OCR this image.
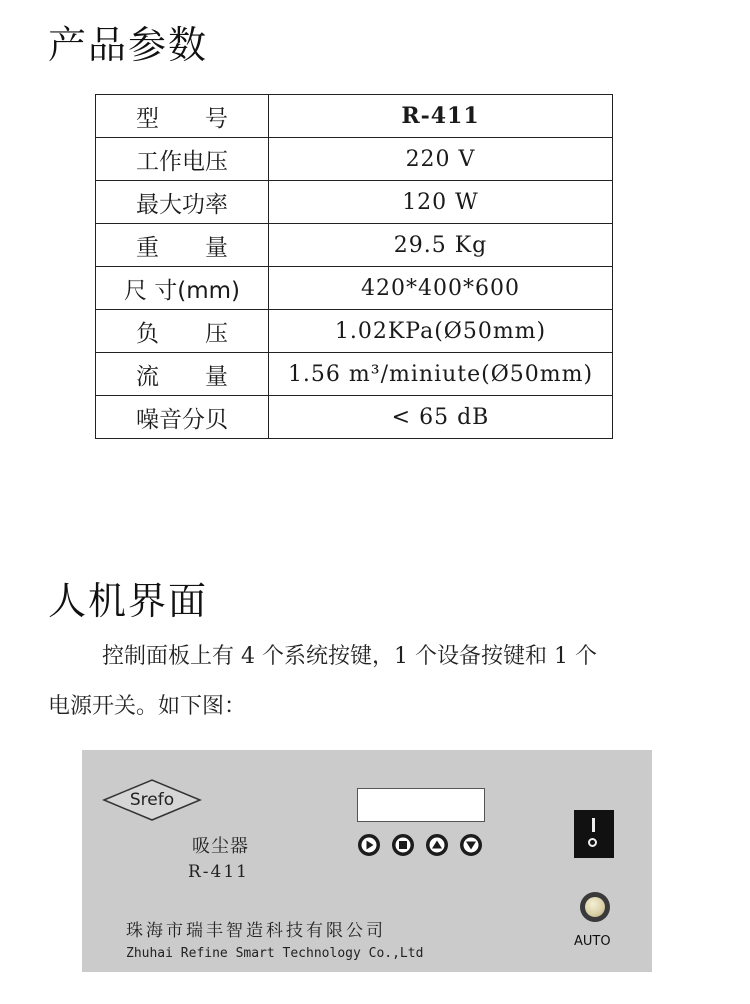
产品参数
型　　号	R-411
工作电压	220 V
最大功率	120 W
重　　量	29.5 Kg
尺 寸(mm)	420*400*600
负　　压	1.02KPa(Ø50mm)
流　　量	1.56 m³/miniute(Ø50mm)
噪音分贝	< 65 dB
人机界面
控制面板上有 4 个系统按键，1 个设备按键和 1 个
电源开关。如下图：
Srefo
吸尘器
R-411
AUTO
珠海市瑞丰智造科技有限公司
Zhuhai Refine Smart Technology Co.,Ltd
